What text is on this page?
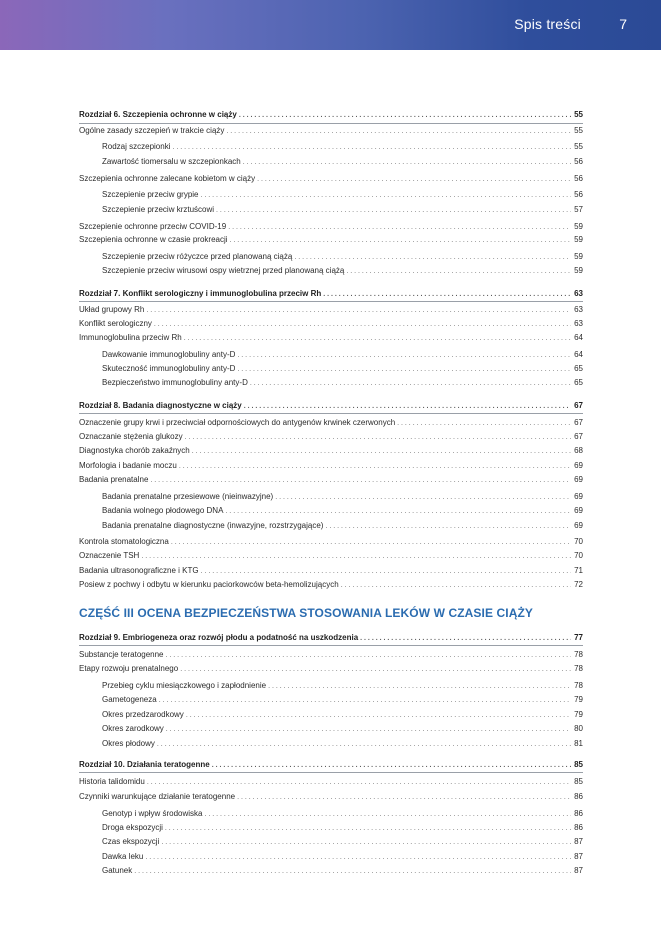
Spis treści	7
Rozdział 6. Szczepienia ochronne w ciąży . . .	55
Ogólne zasady szczepień w trakcie ciąży . . .	55
Rodzaj szczepionki . . .	55
Zawartość tiomersalu w szczepionkach . . .	56
Szczepienia ochronne zalecane kobietom w ciąży . . .	56
Szczepienie przeciw grypie . . .	56
Szczepienie przeciw krztuścowi . . .	57
Szczepienie ochronne przeciw COVID-19 . . .	59
Szczepienia ochronne w czasie prokreacji . . .	59
Szczepienie przeciw różyczce przed planowaną ciążą . . .	59
Szczepienie przeciw wirusowi ospy wietrznej przed planowaną ciążą . . .	59
Rozdział 7. Konflikt serologiczny i immunoglobulina przeciw Rh . . .	63
Układ grupowy Rh . . .	63
Konflikt serologiczny . . .	63
Immunoglobulina przeciw Rh . . .	64
Dawkowanie immunoglobuliny anty-D . . .	64
Skuteczność immunoglobuliny anty-D . . .	65
Bezpieczeństwo immunoglobuliny anty-D . . .	65
Rozdział 8. Badania diagnostyczne w ciąży . . .	67
Oznaczenie grupy krwi i przeciwciał odpornościowych do antygenów krwinek czerwonych . . .	67
Oznaczanie stężenia glukozy . . .	67
Diagnostyka chorób zakaźnych . . .	68
Morfologia i badanie moczu . . .	69
Badania prenatalne . . .	69
Badania prenatalne przesiewowe (nieinwazyjne) . . .	69
Badania wolnego płodowego DNA . . .	69
Badania prenatalne diagnostyczne (inwazyjne, rozstrzygające) . . .	69
Kontrola stomatologiczna . . .	70
Oznaczenie TSH . . .	70
Badania ultrasonograficzne i KTG . . .	71
Posiew z pochwy i odbytu w kierunku paciorkowców beta-hemolizujących . . .	72
CZĘŚĆ III OCENA BEZPIECZEŃSTWA STOSOWANIA LEKÓW W CZASIE CIĄŻY
Rozdział 9. Embriogeneza oraz rozwój płodu a podatność na uszkodzenia . . .	77
Substancje teratogenne . . .	78
Etapy rozwoju prenatalnego . . .	78
Przebieg cyklu miesiączkowego i zapłodnienie . . .	78
Gametogeneza . . .	79
Okres przedzarodkowy . . .	79
Okres zarodkowy . . .	80
Okres płodowy . . .	81
Rozdział 10. Działania teratogenne . . .	85
Historia talidomidu . . .	85
Czynniki warunkujące działanie teratogenne . . .	86
Genotyp i wpływ środowiska . . .	86
Droga ekspozycji . . .	86
Czas ekspozycji . . .	87
Dawka leku . . .	87
Gatunek . . .	87
